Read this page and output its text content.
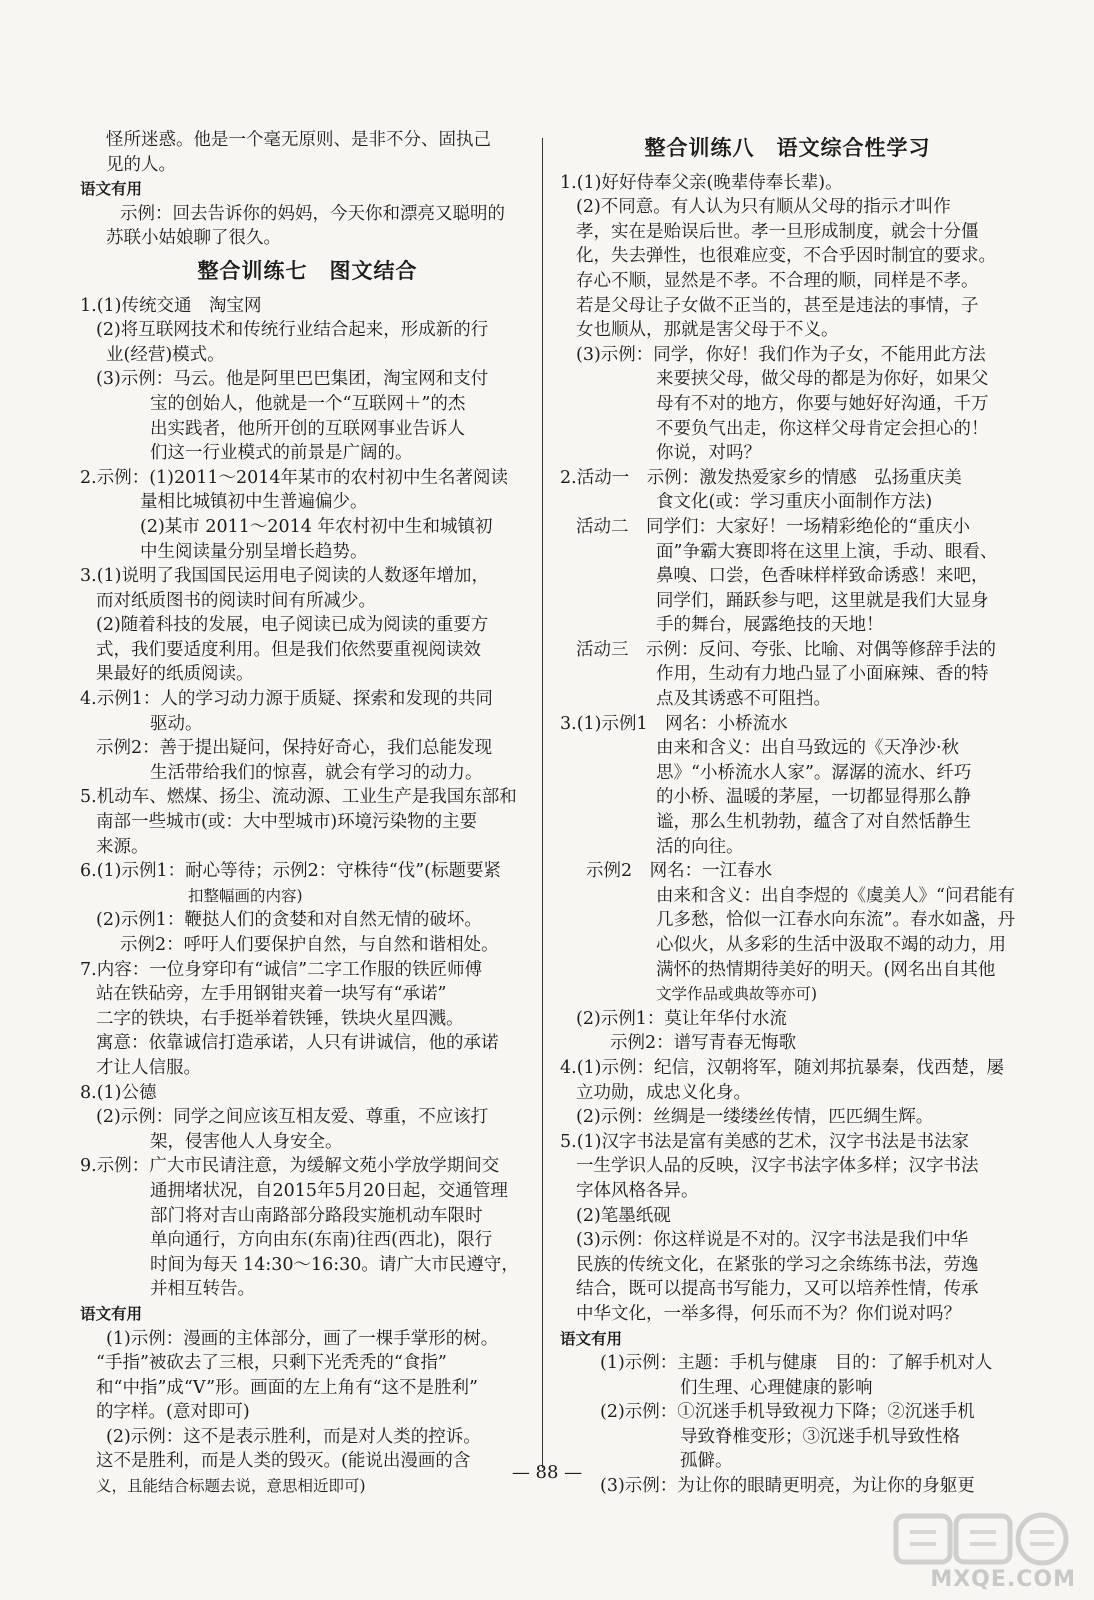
怪所迷惑。他是一个毫无原则、是非不分、固执己
见的人。
语文有用
示例：回去告诉你的妈妈，今天你和漂亮又聪明的
苏联小姑娘聊了很久。
整合训练七　图文结合
1.(1)传统交通　淘宝网
(2)将互联网技术和传统行业结合起来，形成新的行
业(经营)模式。
(3)示例：马云。他是阿里巴巴集团，淘宝网和支付
宝的创始人，他就是一个“互联网＋”的杰
出实践者，他所开创的互联网事业告诉人
们这一行业模式的前景是广阔的。
2.示例：(1)2011～2014年某市的农村初中生名著阅读
量相比城镇初中生普遍偏少。
(2)某市 2011～2014 年农村初中生和城镇初
中生阅读量分别呈增长趋势。
3.(1)说明了我国国民运用电子阅读的人数逐年增加，
而对纸质图书的阅读时间有所减少。
(2)随着科技的发展，电子阅读已成为阅读的重要方
式，我们要适度利用。但是我们依然要重视阅读效
果最好的纸质阅读。
4.示例1：人的学习动力源于质疑、探索和发现的共同
驱动。
示例2：善于提出疑问，保持好奇心，我们总能发现
生活带给我们的惊喜，就会有学习的动力。
5.机动车、燃煤、扬尘、流动源、工业生产是我国东部和
南部一些城市(或：大中型城市)环境污染物的主要
来源。
6.(1)示例1：耐心等待；示例2：守株待“伐”(标题要紧
扣整幅画的内容)
(2)示例1：鞭挞人们的贪婪和对自然无情的破坏。
示例2：呼吁人们要保护自然，与自然和谐相处。
7.内容：一位身穿印有“诚信”二字工作服的铁匠师傅
站在铁砧旁，左手用钢钳夹着一块写有“承诺”
二字的铁块，右手挺举着铁锤，铁块火星四溅。
寓意：依靠诚信打造承诺，人只有讲诚信，他的承诺
才让人信服。
8.(1)公德
(2)示例：同学之间应该互相友爱、尊重，不应该打
架，侵害他人人身安全。
9.示例：广大市民请注意，为缓解文苑小学放学期间交
通拥堵状况，自2015年5月20日起，交通管理
部门将对吉山南路部分路段实施机动车限时
单向通行，方向由东(东南)往西(西北)，限行
时间为每天 14:30～16:30。请广大市民遵守，
并相互转告。
语文有用
(1)示例：漫画的主体部分，画了一棵手掌形的树。
“手指”被砍去了三根，只剩下光秃秃的“食指”
和“中指”成“V”形。画面的左上角有“这不是胜利”
的字样。(意对即可)
(2)示例：这不是表示胜利，而是对人类的控诉。
这不是胜利，而是人类的毁灭。(能说出漫画的含
义，且能结合标题去说，意思相近即可)
整合训练八　语文综合性学习
1.(1)好好侍奉父亲(晚辈侍奉长辈)。
(2)不同意。有人认为只有顺从父母的指示才叫作
孝，实在是贻误后世。孝一旦形成制度，就会十分僵
化，失去弹性，也很难应变，不合乎因时制宜的要求。
存心不顺，显然是不孝。不合理的顺，同样是不孝。
若是父母让子女做不正当的，甚至是违法的事情，子
女也顺从，那就是害父母于不义。
(3)示例：同学，你好！我们作为子女，不能用此方法
来要挟父母，做父母的都是为你好，如果父
母有不对的地方，你要与她好好沟通，千万
不要负气出走，你这样父母肯定会担心的！
你说，对吗？
2.活动一　示例：激发热爱家乡的情感　弘扬重庆美
食文化(或：学习重庆小面制作方法)
活动二　同学们：大家好！一场精彩绝伦的“重庆小
面”争霸大赛即将在这里上演，手动、眼看、
鼻嗅、口尝，色香味样样致命诱惑！来吧，
同学们，踊跃参与吧，这里就是我们大显身
手的舞台，展露绝技的天地！
活动三　示例：反问、夸张、比喻、对偶等修辞手法的
作用，生动有力地凸显了小面麻辣、香的特
点及其诱惑不可阻挡。
3.(1)示例1　网名：小桥流水
由来和含义：出自马致远的《天净沙·秋
思》“小桥流水人家”。潺潺的流水、纤巧
的小桥、温暖的茅屋，一切都显得那么静
谧，那么生机勃勃，蕴含了对自然恬静生
活的向往。
示例2　网名：一江春水
由来和含义：出自李煜的《虞美人》“问君能有
几多愁，恰似一江春水向东流”。春水如盏，丹
心似火，从多彩的生活中汲取不竭的动力，用
满怀的热情期待美好的明天。(网名出自其他
文学作品或典故等亦可)
(2)示例1：莫让年华付水流
示例2：谱写青春无悔歌
4.(1)示例：纪信，汉朝将军，随刘邦抗暴秦，伐西楚，屡
立功勋，成忠义化身。
(2)示例：丝绸是一缕缕丝传情，匹匹绸生辉。
5.(1)汉字书法是富有美感的艺术，汉字书法是书法家
一生学识人品的反映，汉字书法字体多样；汉字书法
字体风格各异。
(2)笔墨纸砚
(3)示例：你这样说是不对的。汉字书法是我们中华
民族的传统文化，在紧张的学习之余练练书法，劳逸
结合，既可以提高书写能力，又可以培养性情，传承
中华文化，一举多得，何乐而不为？你们说对吗？
语文有用
(1)示例：主题：手机与健康　目的：了解手机对人
们生理、心理健康的影响
(2)示例：①沉迷手机导致视力下降；②沉迷手机
导致脊椎变形；③沉迷手机导致性格
孤僻。
(3)示例：为让你的眼睛更明亮，为让你的身躯更
— 88 —
MXQE.COM
